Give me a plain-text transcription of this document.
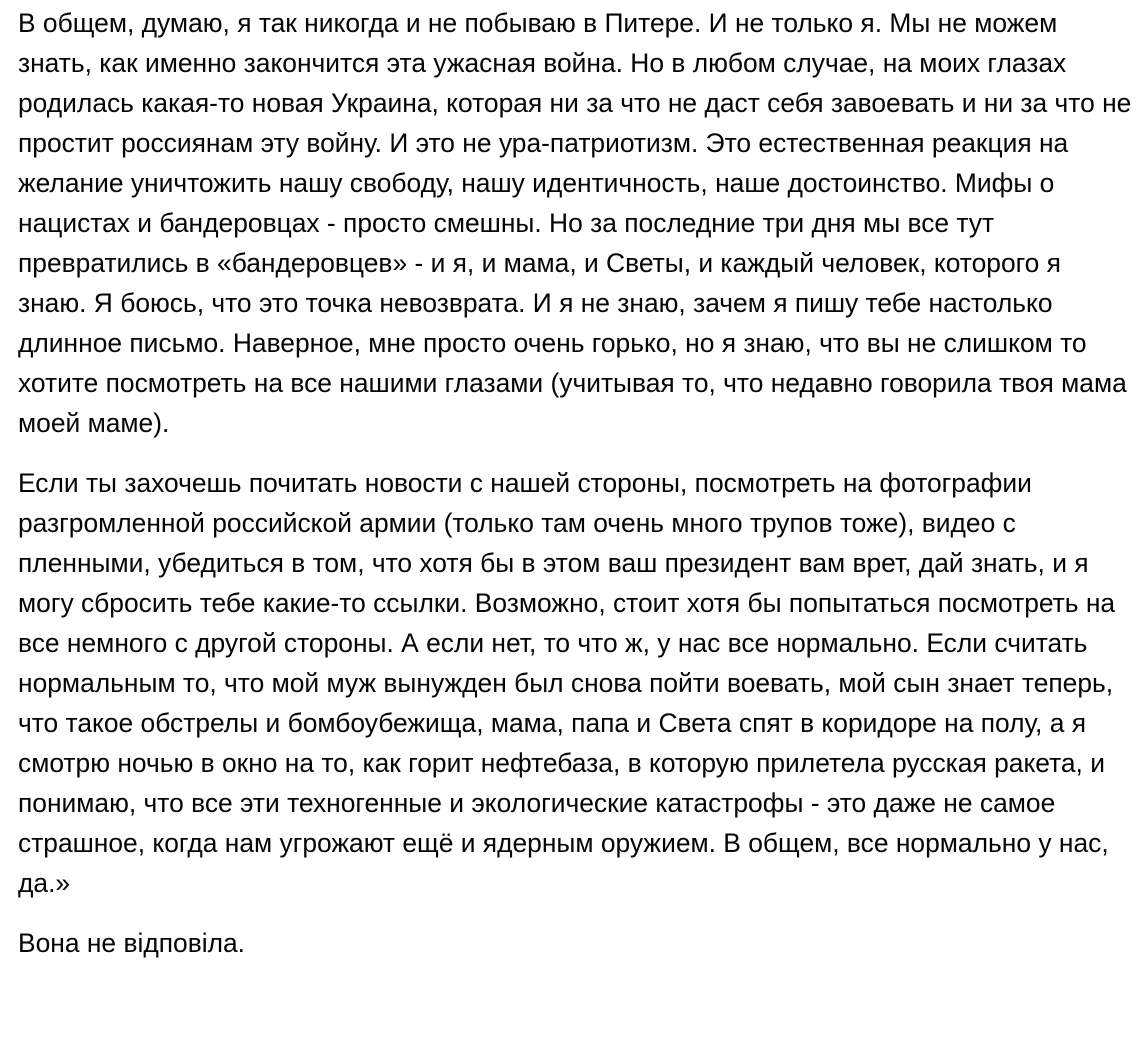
В общем, думаю, я так никогда и не побываю в Питере. И не только я. Мы не можем знать, как именно закончится эта ужасная война. Но в любом случае, на моих глазах родилась какая-то новая Украина, которая ни за что не даст себя завоевать и ни за что не простит россиянам эту войну. И это не ура-патриотизм. Это естественная реакция на желание уничтожить нашу свободу, нашу идентичность, наше достоинство. Мифы о нацистах и бандеровцах - просто смешны. Но за последние три дня мы все тут превратились в «бандеровцев» - и я, и мама, и Светы, и каждый человек, которого я знаю. Я боюсь, что это точка невозврата. И я не знаю, зачем я пишу тебе настолько длинное письмо. Наверное, мне просто очень горько, но я знаю, что вы не слишком то хотите посмотреть на все нашими глазами (учитывая то, что недавно говорила твоя мама моей маме).

Если ты захочешь почитать новости с нашей стороны, посмотреть на фотографии разгромленной российской армии (только там очень много трупов тоже), видео с пленными, убедиться в том, что хотя бы в этом ваш президент вам врет, дай знать, и я могу сбросить тебе какие-то ссылки. Возможно, стоит хотя бы попытаться посмотреть на все немного с другой стороны. А если нет, то что ж, у нас все нормально. Если считать нормальным то, что мой муж вынужден был снова пойти воевать, мой сын знает теперь, что такое обстрелы и бомбоубежища, мама, папа и Света спят в коридоре на полу, а я смотрю ночью в окно на то, как горит нефтебаза, в которую прилетела русская ракета, и понимаю, что все эти техногенные и экологические катастрофы - это даже не самое страшное, когда нам угрожают ещё и ядерным оружием. В общем, все нормально у нас, да.»

Вона не відповіла.
